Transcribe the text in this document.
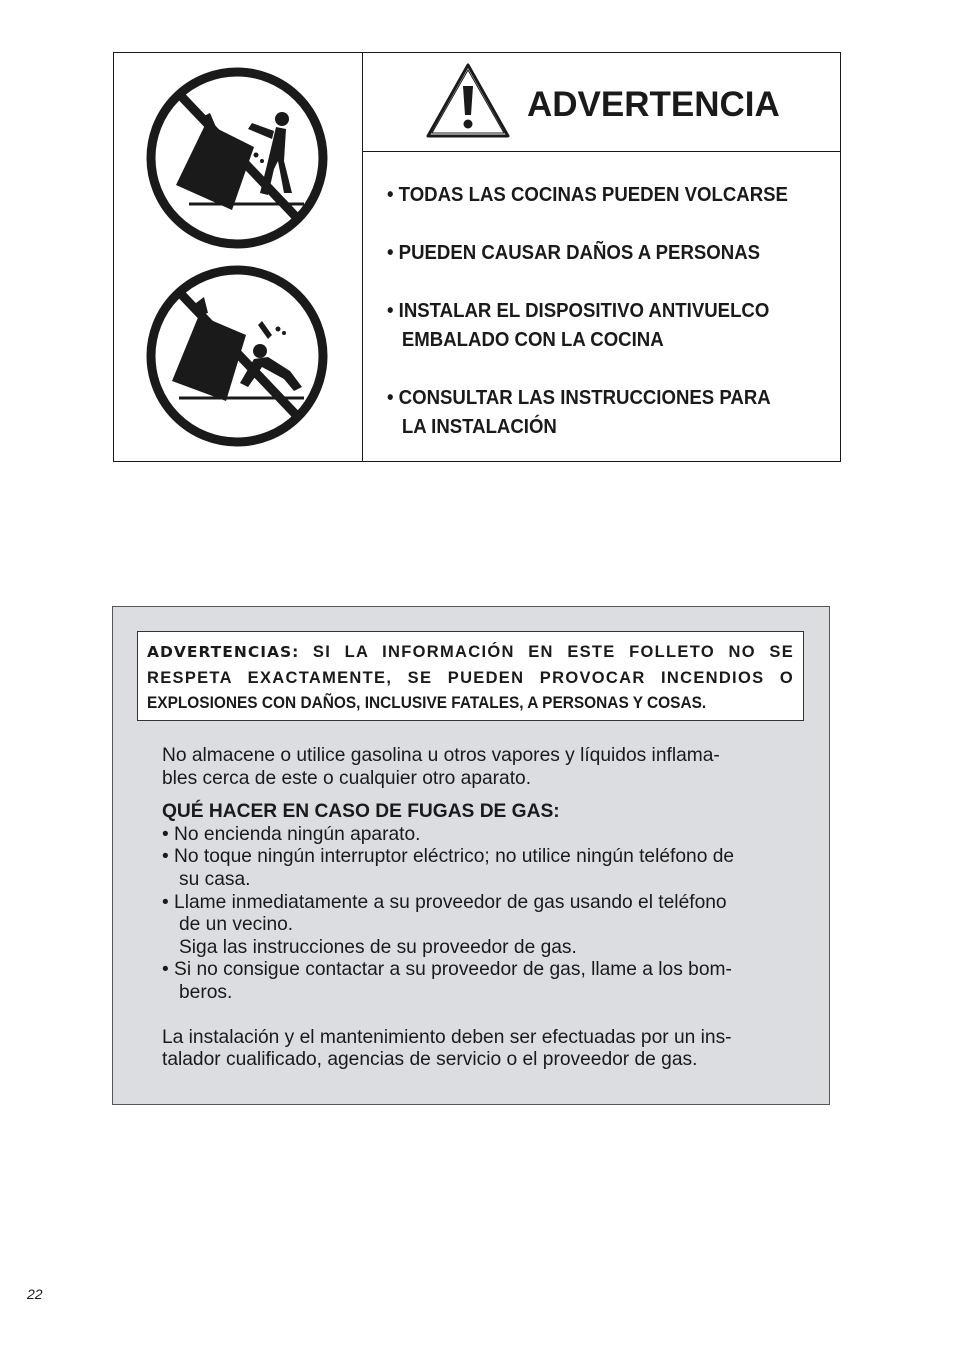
ADVERTENCIA
• TODAS LAS COCINAS PUEDEN VOLCARSE
• PUEDEN CAUSAR DAÑOS A PERSONAS
• INSTALAR EL DISPOSITIVO ANTIVUELCO
EMBALADO CON LA COCINA
• CONSULTAR LAS INSTRUCCIONES PARA
LA INSTALACIÓN
ADVERTENCIAS: SI LA INFORMACIÓN EN ESTE FOLLETO NO SE RESPETA EXACTAMENTE, SE PUEDEN PROVOCAR INCENDIOS O
EXPLOSIONES CON DAÑOS, INCLUSIVE FATALES, A PERSONAS Y COSAS.

No almacene o utilice gasolina u otros vapores y líquidos inflama-
bles cerca de este o cualquier otro aparato.

QUÉ HACER EN CASO DE FUGAS DE GAS:

• No encienda ningún aparato.
• No toque ningún interruptor eléctrico; no utilice ningún teléfono de
su casa.
• Llame inmediatamente a su proveedor de gas usando el teléfono
de un vecino.
Siga las instrucciones de su proveedor de gas.
• Si no consigue contactar a su proveedor de gas, llame a los bom-
beros.

La instalación y el mantenimiento deben ser efectuadas por un ins-
talador cualificado, agencias de servicio o el proveedor de gas.

22
